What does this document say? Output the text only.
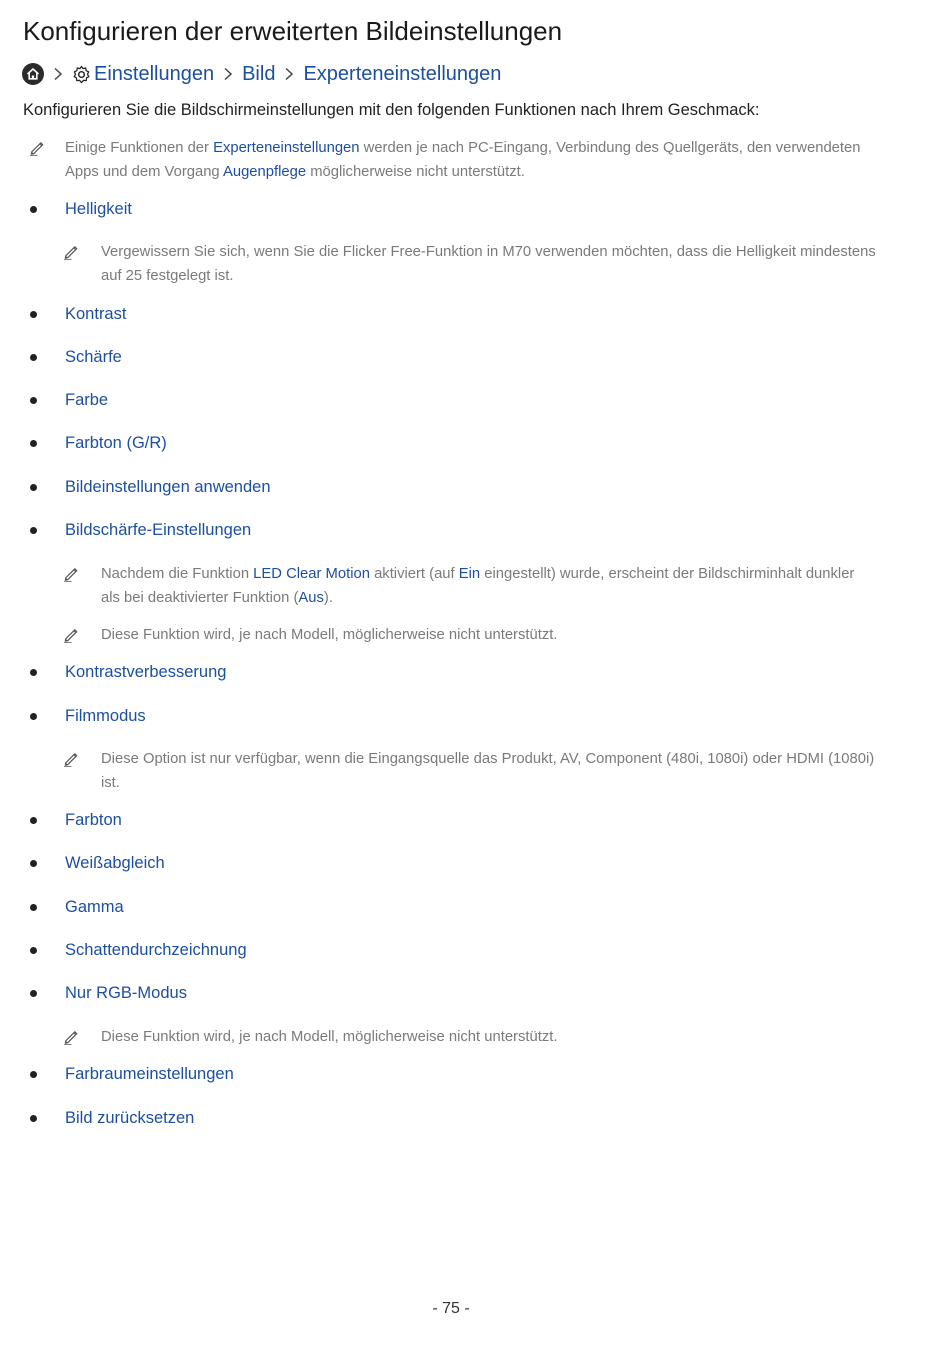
Konfigurieren der erweiterten Bildeinstellungen
Einstellungen Bild Experteneinstellungen

Konfigurieren Sie die Bildschirmeinstellungen mit den folgenden Funktionen nach Ihrem Geschmack:

Einige Funktionen der Experteneinstellungen werden je nach PC-Eingang, Verbindung des Quellgeräts, den verwendeten
Apps und dem Vorgang Augenpflege möglicherweise nicht unterstützt.
Helligkeit
Vergewissern Sie sich, wenn Sie die Flicker Free-Funktion in M70 verwenden möchten, dass die Helligkeit mindestens
auf 25 festgelegt ist.
Kontrast
Schärfe
Farbe
Farbton (G/R)
Bildeinstellungen anwenden
Bildschärfe-Einstellungen
Nachdem die Funktion LED Clear Motion aktiviert (auf Ein eingestellt) wurde, erscheint der Bildschirminhalt dunkler
als bei deaktivierter Funktion (Aus).
Diese Funktion wird, je nach Modell, möglicherweise nicht unterstützt.
Kontrastverbesserung
Filmmodus
Diese Option ist nur verfügbar, wenn die Eingangsquelle das Produkt, AV, Component (480i, 1080i) oder HDMI (1080i)
ist.
Farbton
Weißabgleich
Gamma
Schattendurchzeichnung
Nur RGB-Modus
Diese Funktion wird, je nach Modell, möglicherweise nicht unterstützt.
Farbraumeinstellungen
Bild zurücksetzen
- 75 -
